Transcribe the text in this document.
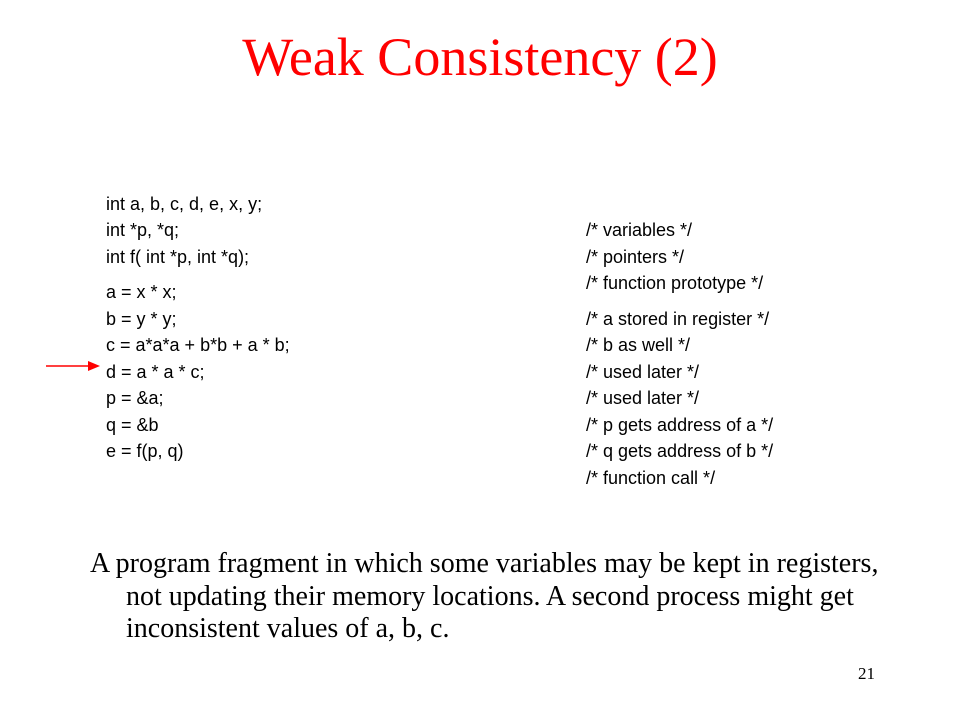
Weak Consistency (2)

int a, b, c, d, e, x, y;

/* variables */

int *p, *q;

/* pointers */

int f( int *p, int *q);

/* function prototype */

a = x * x;

/* a stored in register */

b = y * y;

/* b as well */

c = a*a*a + b*b + a * b;

/* used later */

d = a * a * c;

/* used later */

p = &a;

/* p gets address of a */

q = &b

/* q gets address of b */

e = f(p, q)

/* function call */

A program fragment in which some variables may be kept in registers, not updating their memory locations. A second process might get inconsistent values of a, b, c.
21
